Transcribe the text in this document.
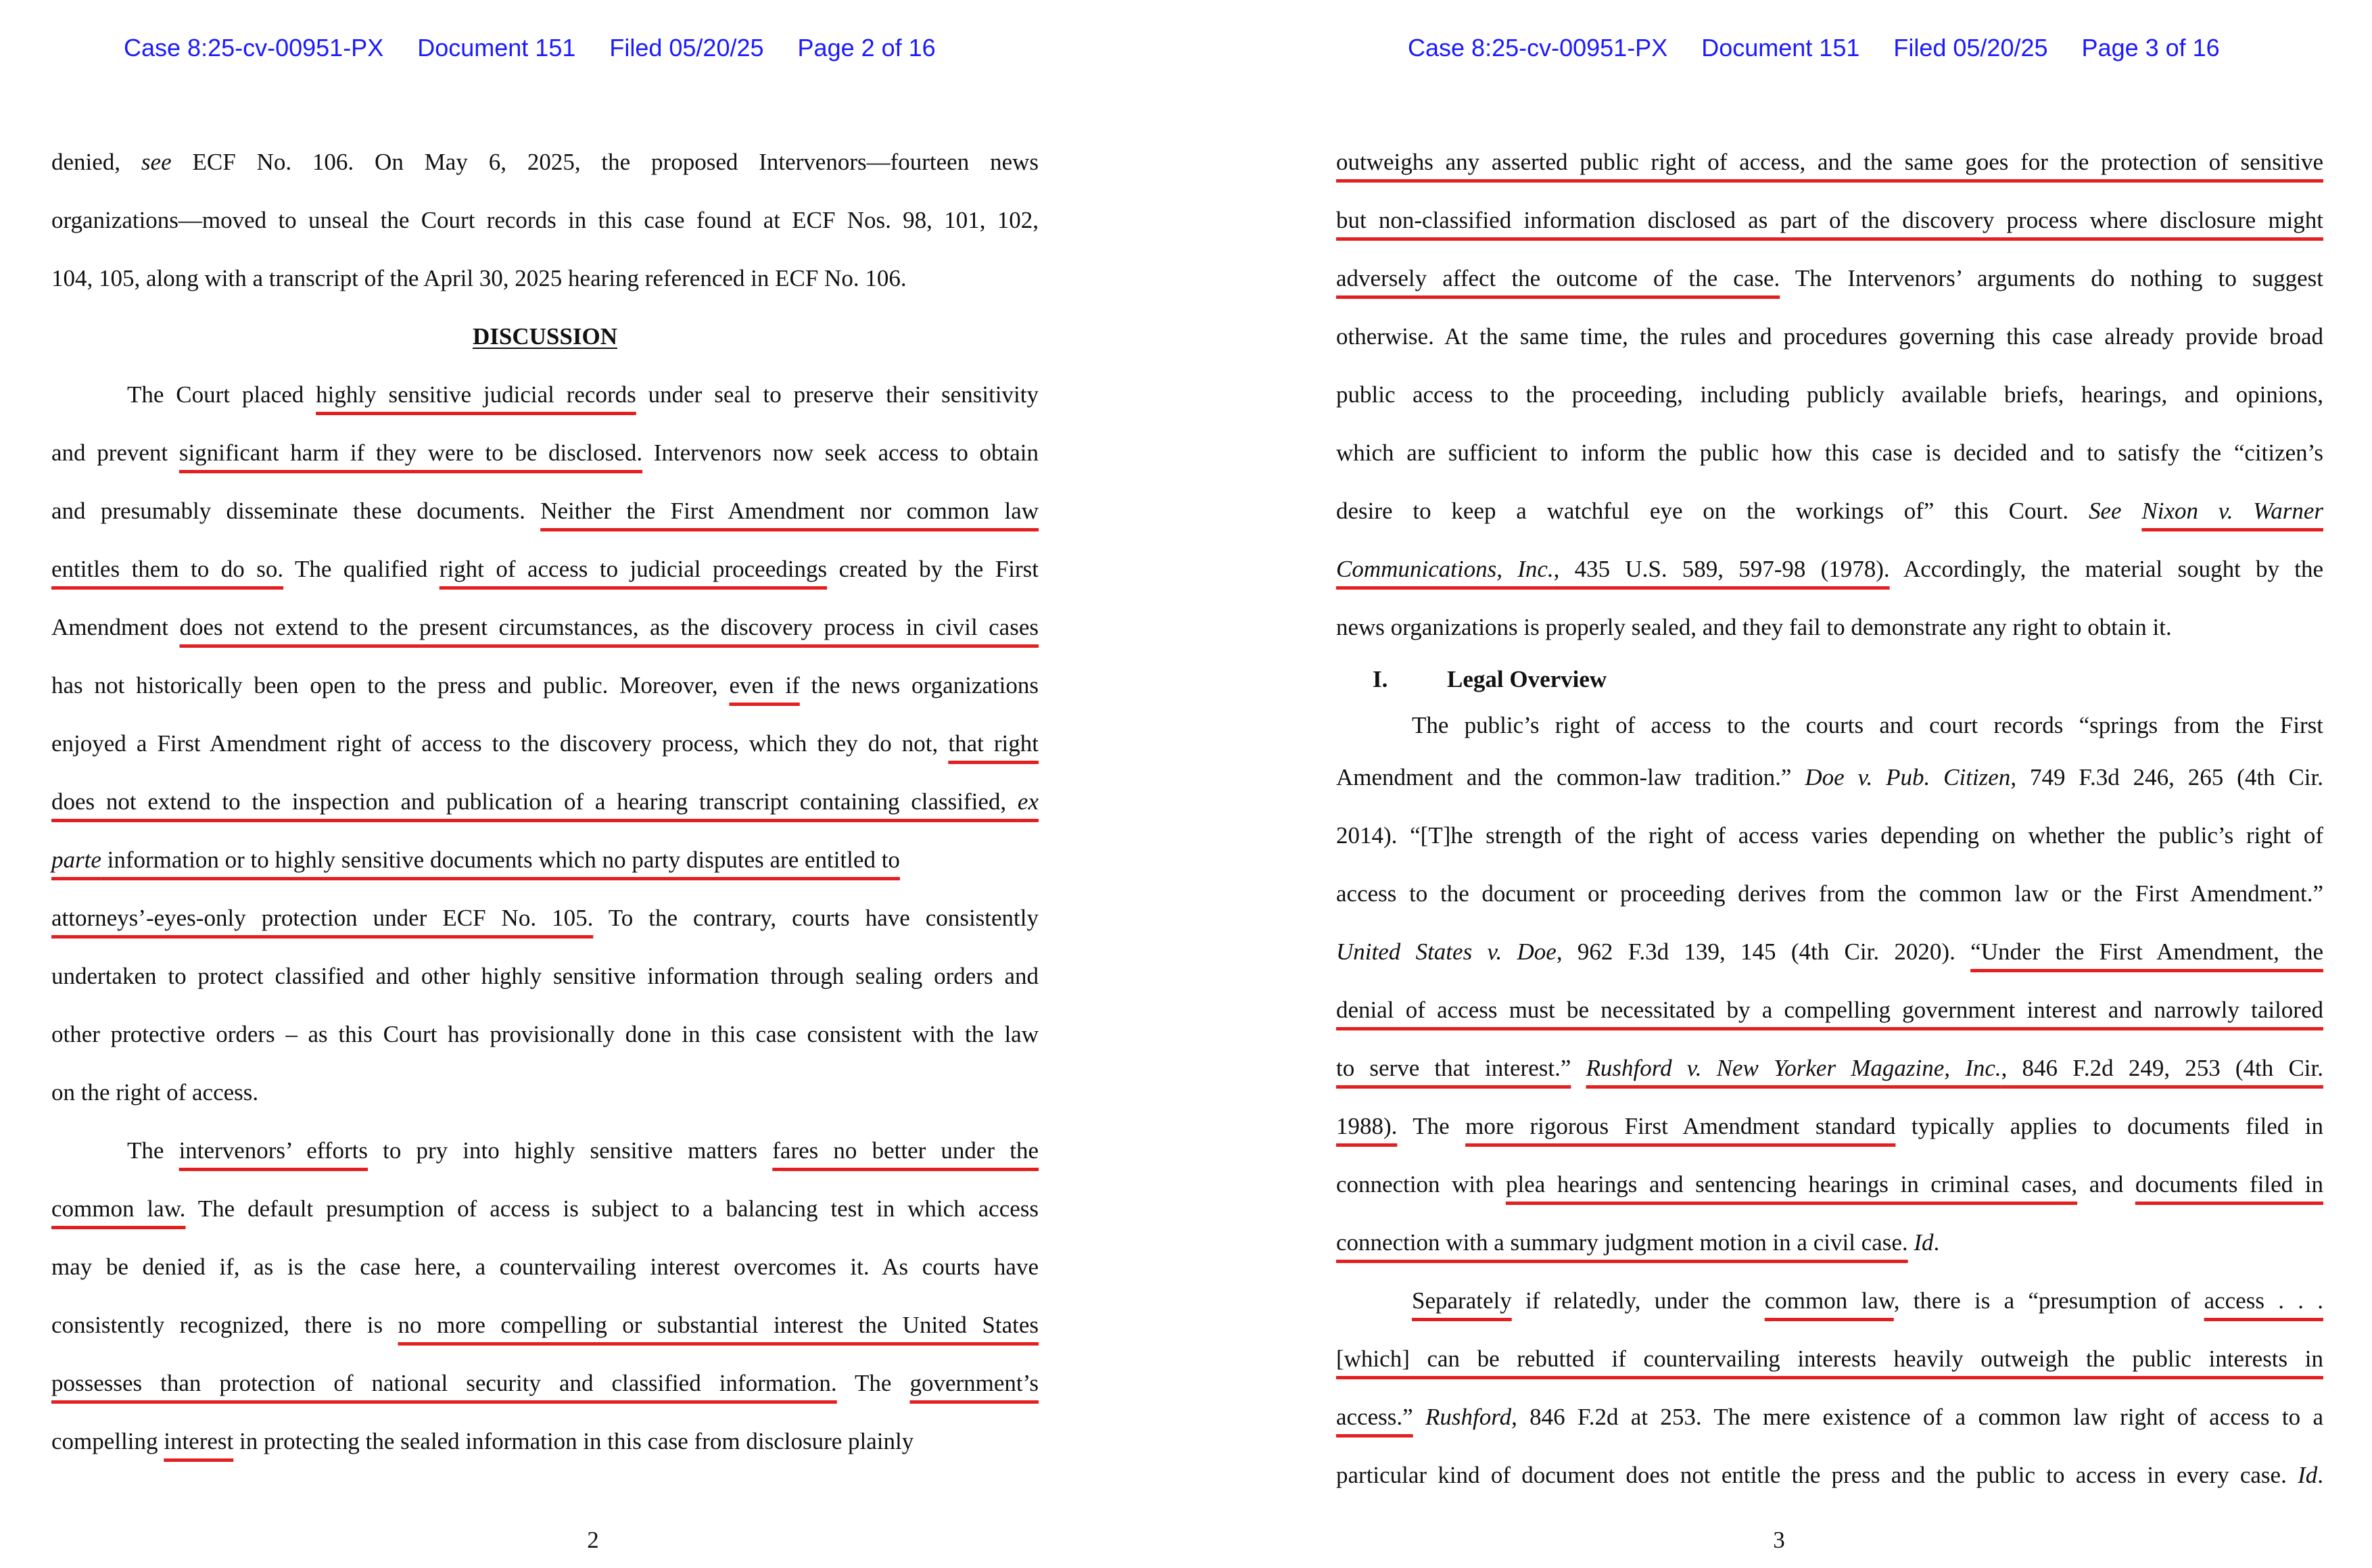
Case 8:25-cv-00951-PX Document 151 Filed 05/20/25 Page 2 of 16
denied, see ECF No. 106. On May 6, 2025, the proposed Intervenors—fourteen news
organizations—moved to unseal the Court records in this case found at ECF Nos. 98, 101, 102,
104, 105, along with a transcript of the April 30, 2025 hearing referenced in ECF No. 106.
DISCUSSION
The Court placed highly sensitive judicial records under seal to preserve their sensitivity
and prevent significant harm if they were to be disclosed. Intervenors now seek access to obtain
and presumably disseminate these documents. Neither the First Amendment nor common law
entitles them to do so. The qualified right of access to judicial proceedings created by the First
Amendment does not extend to the present circumstances, as the discovery process in civil cases
has not historically been open to the press and public. Moreover, even if the news organizations
enjoyed a First Amendment right of access to the discovery process, which they do not, that right
does not extend to the inspection and publication of a hearing transcript containing classified, ex
parte information or to highly sensitive documents which no party disputes are entitled to
attorneys’-eyes-only protection under ECF No. 105. To the contrary, courts have consistently
undertaken to protect classified and other highly sensitive information through sealing orders and
other protective orders – as this Court has provisionally done in this case consistent with the law
on the right of access.
The intervenors’ efforts to pry into highly sensitive matters fares no better under the
common law. The default presumption of access is subject to a balancing test in which access
may be denied if, as is the case here, a countervailing interest overcomes it. As courts have
consistently recognized, there is no more compelling or substantial interest the United States
possesses than protection of national security and classified information. The government’s
compelling interest in protecting the sealed information in this case from disclosure plainly
2
Case 8:25-cv-00951-PX Document 151 Filed 05/20/25 Page 3 of 16
outweighs any asserted public right of access, and the same goes for the protection of sensitive
but non-classified information disclosed as part of the discovery process where disclosure might
adversely affect the outcome of the case. The Intervenors’ arguments do nothing to suggest
otherwise. At the same time, the rules and procedures governing this case already provide broad
public access to the proceeding, including publicly available briefs, hearings, and opinions,
which are sufficient to inform the public how this case is decided and to satisfy the “citizen’s
desire to keep a watchful eye on the workings of” this Court. See Nixon v. Warner
Communications, Inc., 435 U.S. 589, 597-98 (1978). Accordingly, the material sought by the
news organizations is properly sealed, and they fail to demonstrate any right to obtain it.
I.	Legal Overview
The public’s right of access to the courts and court records “springs from the First
Amendment and the common-law tradition.” Doe v. Pub. Citizen, 749 F.3d 246, 265 (4th Cir.
2014). “[T]he strength of the right of access varies depending on whether the public’s right of
access to the document or proceeding derives from the common law or the First Amendment.”
United States v. Doe, 962 F.3d 139, 145 (4th Cir. 2020). “Under the First Amendment, the
denial of access must be necessitated by a compelling government interest and narrowly tailored
to serve that interest.” Rushford v. New Yorker Magazine, Inc., 846 F.2d 249, 253 (4th Cir.
1988). The more rigorous First Amendment standard typically applies to documents filed in
connection with plea hearings and sentencing hearings in criminal cases, and documents filed in
connection with a summary judgment motion in a civil case. Id.
Separately if relatedly, under the common law, there is a “presumption of access . . .
[which] can be rebutted if countervailing interests heavily outweigh the public interests in
access.” Rushford, 846 F.2d at 253. The mere existence of a common law right of access to a
particular kind of document does not entitle the press and the public to access in every case. Id.
3
